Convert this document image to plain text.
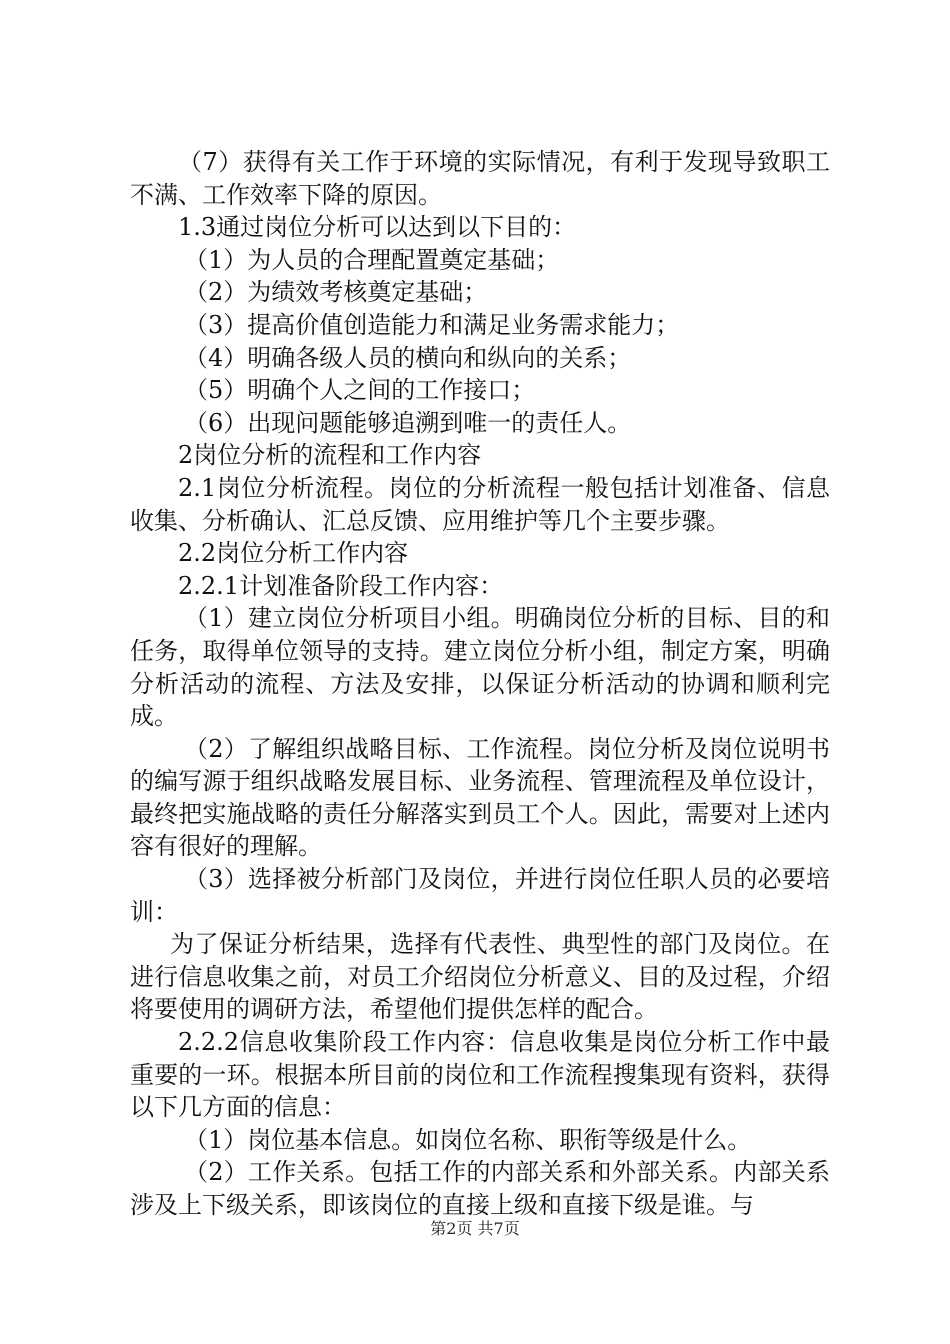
（7）获得有关工作于环境的实际情况，有利于发现导致职工不满、工作效率下降的原因。

1.3通过岗位分析可以达到以下目的：

（1）为人员的合理配置奠定基础；

（2）为绩效考核奠定基础；

（3）提高价值创造能力和满足业务需求能力；

（4）明确各级人员的横向和纵向的关系；

（5）明确个人之间的工作接口；

（6）出现问题能够追溯到唯一的责任人。

2岗位分析的流程和工作内容

2.1岗位分析流程。岗位的分析流程一般包括计划准备、信息收集、分析确认、汇总反馈、应用维护等几个主要步骤。

2.2岗位分析工作内容

2.2.1计划准备阶段工作内容：

（1）建立岗位分析项目小组。明确岗位分析的目标、目的和任务，取得单位领导的支持。建立岗位分析小组，制定方案，明确分析活动的流程、方法及安排，以保证分析活动的协调和顺利完成。

（2）了解组织战略目标、工作流程。岗位分析及岗位说明书的编写源于组织战略发展目标、业务流程、管理流程及单位设计，最终把实施战略的责任分解落实到员工个人。因此，需要对上述内容有很好的理解。

（3）选择被分析部门及岗位，并进行岗位任职人员的必要培训：

为了保证分析结果，选择有代表性、典型性的部门及岗位。在进行信息收集之前，对员工介绍岗位分析意义、目的及过程，介绍将要使用的调研方法，希望他们提供怎样的配合。

2.2.2信息收集阶段工作内容：信息收集是岗位分析工作中最重要的一环。根据本所目前的岗位和工作流程搜集现有资料，获得以下几方面的信息：

（1）岗位基本信息。如岗位名称、职衔等级是什么。

（2）工作关系。包括工作的内部关系和外部关系。内部关系涉及上下级关系，即该岗位的直接上级和直接下级是谁。与

第2页 共7页
